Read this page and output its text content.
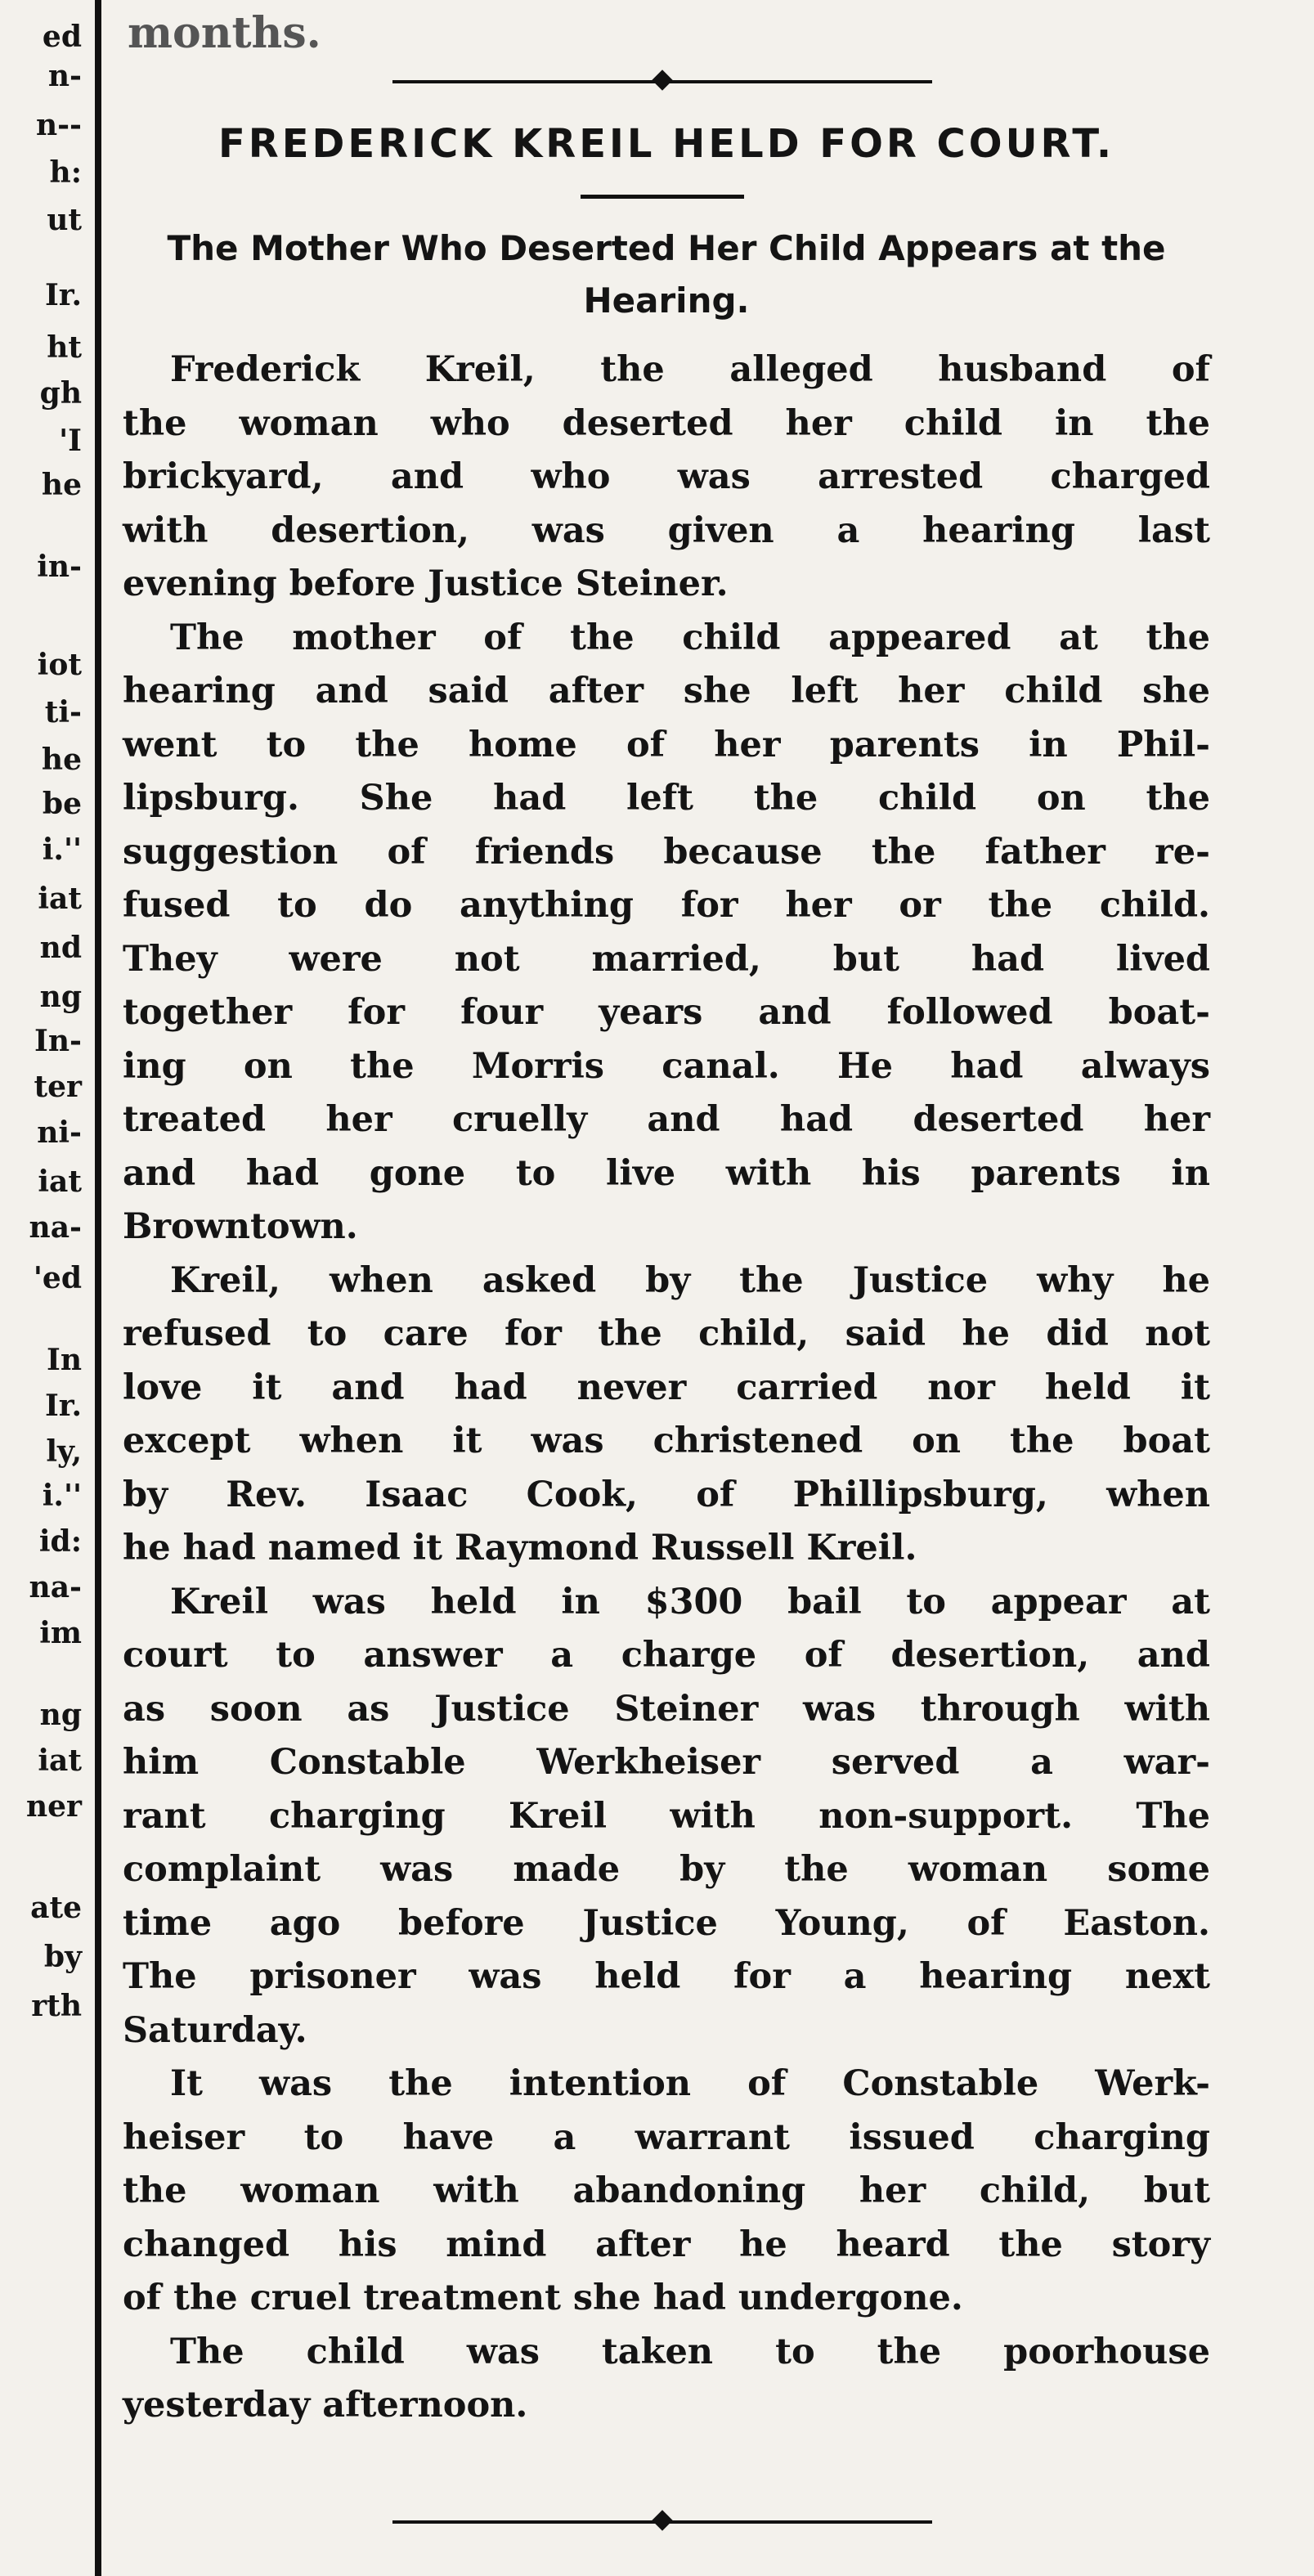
ed
n-
n--
h:
ut
Ir.
ht
gh
'I
he
in-
iot
ti-
he
be
i.''
iat
nd
ng
In-
ter
ni-
iat
na-
'ed
In
Ir.
ly,
i.''
id:
na-
im
ng
iat
ner
ate
by
rth
months.
FREDERICK KREIL HELD FOR COURT.
The Mother Who Deserted Her Child Appears at the Hearing.

Frederick Kreil, the alleged husband of
the woman who deserted her child in the
brickyard, and who was arrested charged
with desertion, was given a hearing last
evening before Justice Steiner.

The mother of the child appeared at the
hearing and said after she left her child she
went to the home of her parents in Phil-
lipsburg. She had left the child on the
suggestion of friends because the father re-
fused to do anything for her or the child.
They were not married, but had lived
together for four years and followed boat-
ing on the Morris canal. He had always
treated her cruelly and had deserted her
and had gone to live with his parents in
Browntown.

Kreil, when asked by the Justice why he
refused to care for the child, said he did not
love it and had never carried nor held it
except when it was christened on the boat
by Rev. Isaac Cook, of Phillipsburg, when
he had named it Raymond Russell Kreil.

Kreil was held in $300 bail to appear at
court to answer a charge of desertion, and
as soon as Justice Steiner was through with
him Constable Werkheiser served a war-
rant charging Kreil with non-support. The
complaint was made by the woman some
time ago before Justice Young, of Easton.
The prisoner was held for a hearing next
Saturday.

It was the intention of Constable Werk-
heiser to have a warrant issued charging
the woman with abandoning her child, but
changed his mind after he heard the story
of the cruel treatment she had undergone.

The child was taken to the poorhouse
yesterday afternoon.
